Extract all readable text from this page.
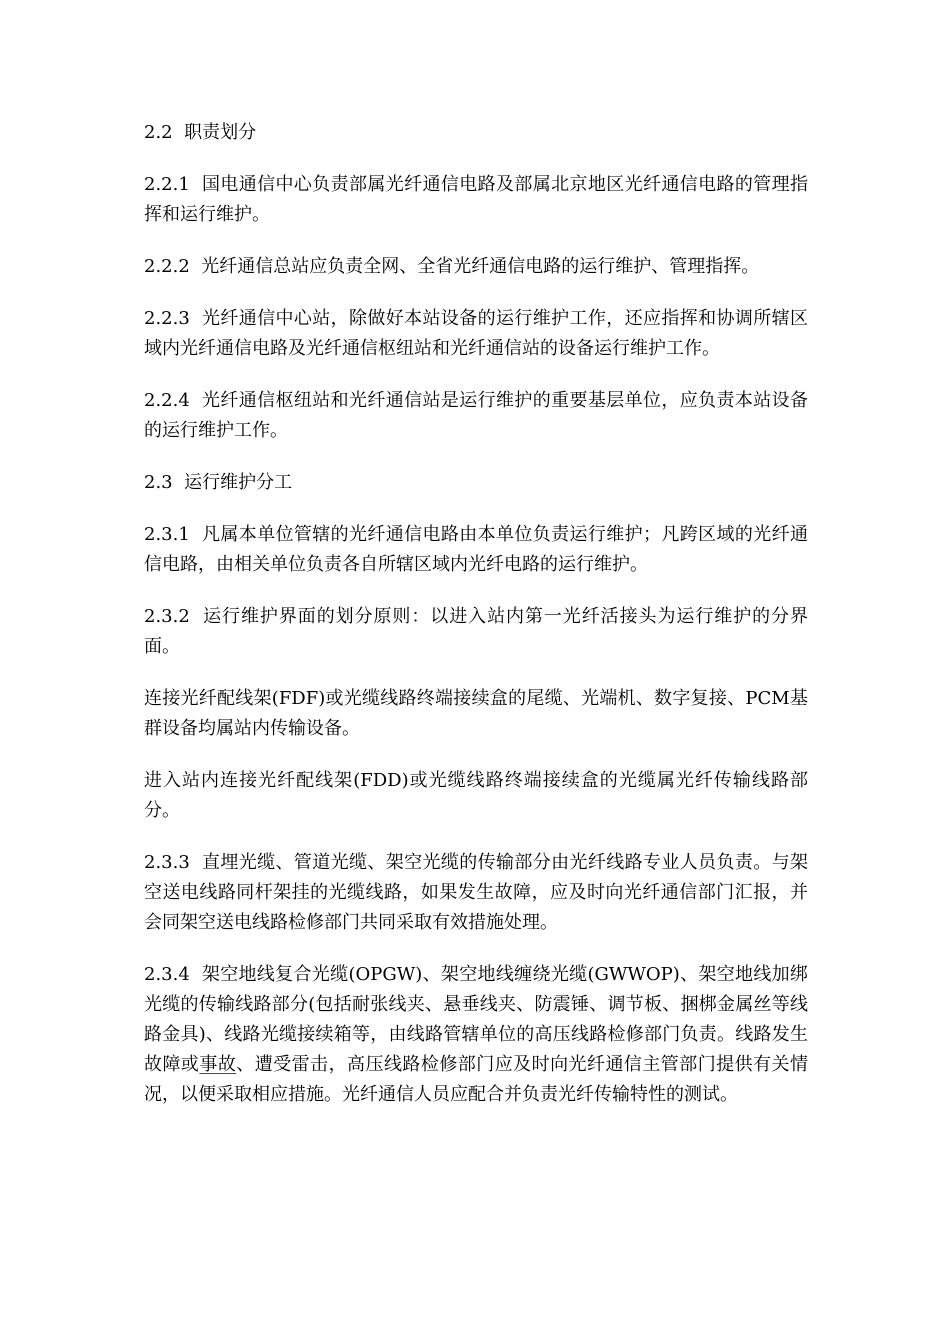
2.2  职责划分

2.2.1  国电通信中心负责部属光纤通信电路及部属北京地区光纤通信电路的管理指挥和运行维护。

2.2.2  光纤通信总站应负责全网、全省光纤通信电路的运行维护、管理指挥。

2.2.3  光纤通信中心站，除做好本站设备的运行维护工作，还应指挥和协调所辖区域内光纤通信电路及光纤通信枢纽站和光纤通信站的设备运行维护工作。

2.2.4  光纤通信枢纽站和光纤通信站是运行维护的重要基层单位，应负责本站设备的运行维护工作。

2.3  运行维护分工

2.3.1  凡属本单位管辖的光纤通信电路由本单位负责运行维护；凡跨区域的光纤通信电路，由相关单位负责各自所辖区域内光纤电路的运行维护。

2.3.2  运行维护界面的划分原则：以进入站内第一光纤活接头为运行维护的分界面。

连接光纤配线架(FDF)或光缆线路终端接续盒的尾缆、光端机、数字复接、PCM基群设备均属站内传输设备。

进入站内连接光纤配线架(FDD)或光缆线路终端接续盒的光缆属光纤传输线路部分。

2.3.3  直埋光缆、管道光缆、架空光缆的传输部分由光纤线路专业人员负责。与架空送电线路同杆架挂的光缆线路，如果发生故障，应及时向光纤通信部门汇报，并会同架空送电线路检修部门共同采取有效措施处理。

2.3.4  架空地线复合光缆(OPGW)、架空地线缠绕光缆(GWWOP)、架空地线加绑光缆的传输线路部分(包括耐张线夹、悬垂线夹、防震锤、调节板、捆梆金属丝等线路金具)、线路光缆接续箱等，由线路管辖单位的高压线路检修部门负责。线路发生故障或事故、遭受雷击，高压线路检修部门应及时向光纤通信主管部门提供有关情况，以便采取相应措施。光纤通信人员应配合并负责光纤传输特性的测试。
